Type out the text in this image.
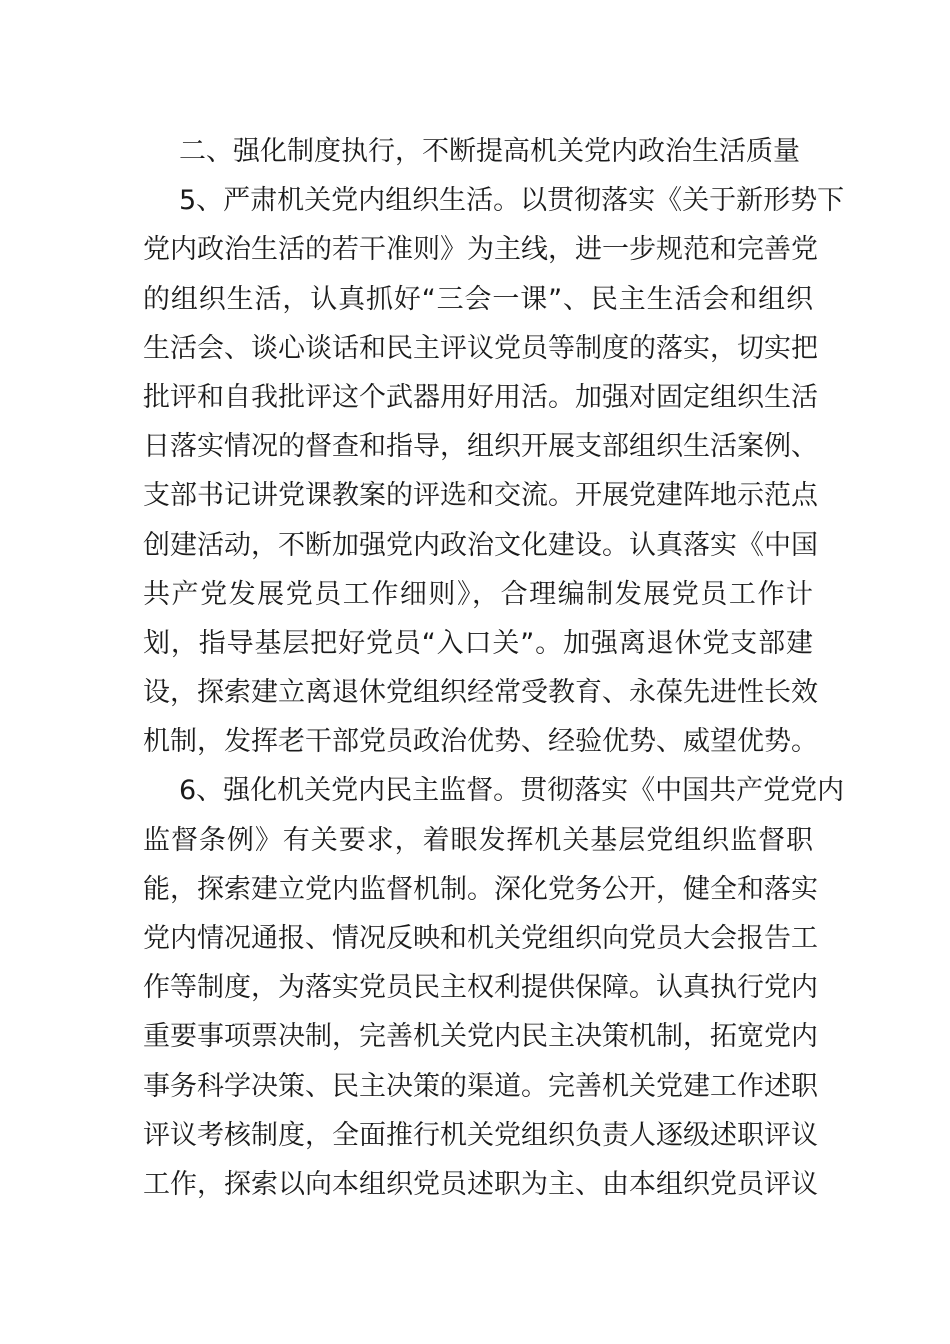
二、强化制度执行，不断提高机关党内政治生活质量
5、严肃机关党内组织生活。以贯彻落实《关于新形势下
党内政治生活的若干准则》为主线，进一步规范和完善党
的组织生活，认真抓好“三会一课”、民主生活会和组织
生活会、谈心谈话和民主评议党员等制度的落实，切实把
批评和自我批评这个武器用好用活。加强对固定组织生活
日落实情况的督查和指导，组织开展支部组织生活案例、
支部书记讲党课教案的评选和交流。开展党建阵地示范点
创建活动，不断加强党内政治文化建设。认真落实《中国
共产党发展党员工作细则》，合理编制发展党员工作计
划，指导基层把好党员“入口关”。加强离退休党支部建
设，探索建立离退休党组织经常受教育、永葆先进性长效
机制，发挥老干部党员政治优势、经验优势、威望优势。
6、强化机关党内民主监督。贯彻落实《中国共产党党内
监督条例》有关要求，着眼发挥机关基层党组织监督职
能，探索建立党内监督机制。深化党务公开，健全和落实
党内情况通报、情况反映和机关党组织向党员大会报告工
作等制度，为落实党员民主权利提供保障。认真执行党内
重要事项票决制，完善机关党内民主决策机制，拓宽党内
事务科学决策、民主决策的渠道。完善机关党建工作述职
评议考核制度，全面推行机关党组织负责人逐级述职评议
工作，探索以向本组织党员述职为主、由本组织党员评议
